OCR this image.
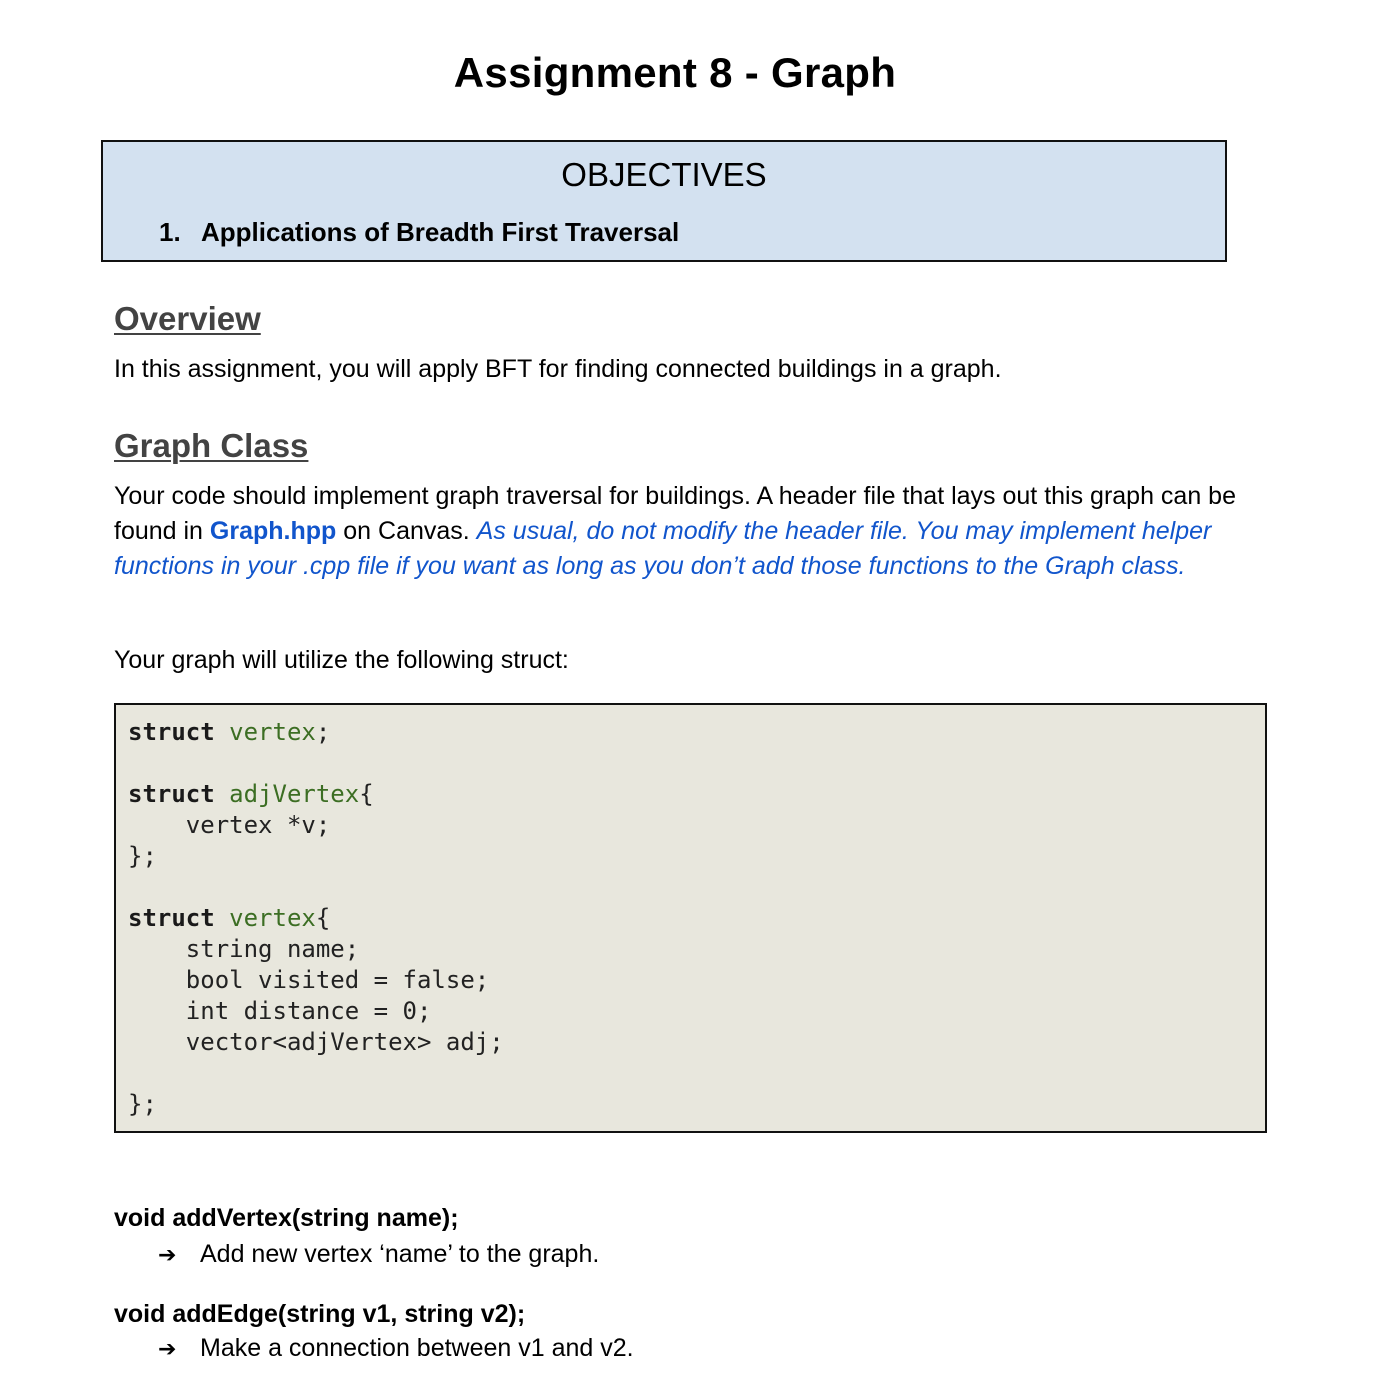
Assignment 8 - Graph
OBJECTIVES
1. Applications of Breadth First Traversal
Overview
In this assignment, you will apply BFT for finding connected buildings in a graph.
Graph Class
Your code should implement graph traversal for buildings. A header file that lays out this graph can be found in Graph.hpp on Canvas. As usual, do not modify the header file. You may implement helper functions in your .cpp file if you want as long as you don’t add those functions to the Graph class.
Your graph will utilize the following struct:
struct vertex;
struct adjVertex{
vertex *v;
};
struct vertex{
string name;
bool visited = false;
int distance = 0;
vector<adjVertex> adj;
};
void addVertex(string name);
➔ Add new vertex ‘name’ to the graph.
void addEdge(string v1, string v2);
➔ Make a connection between v1 and v2.
